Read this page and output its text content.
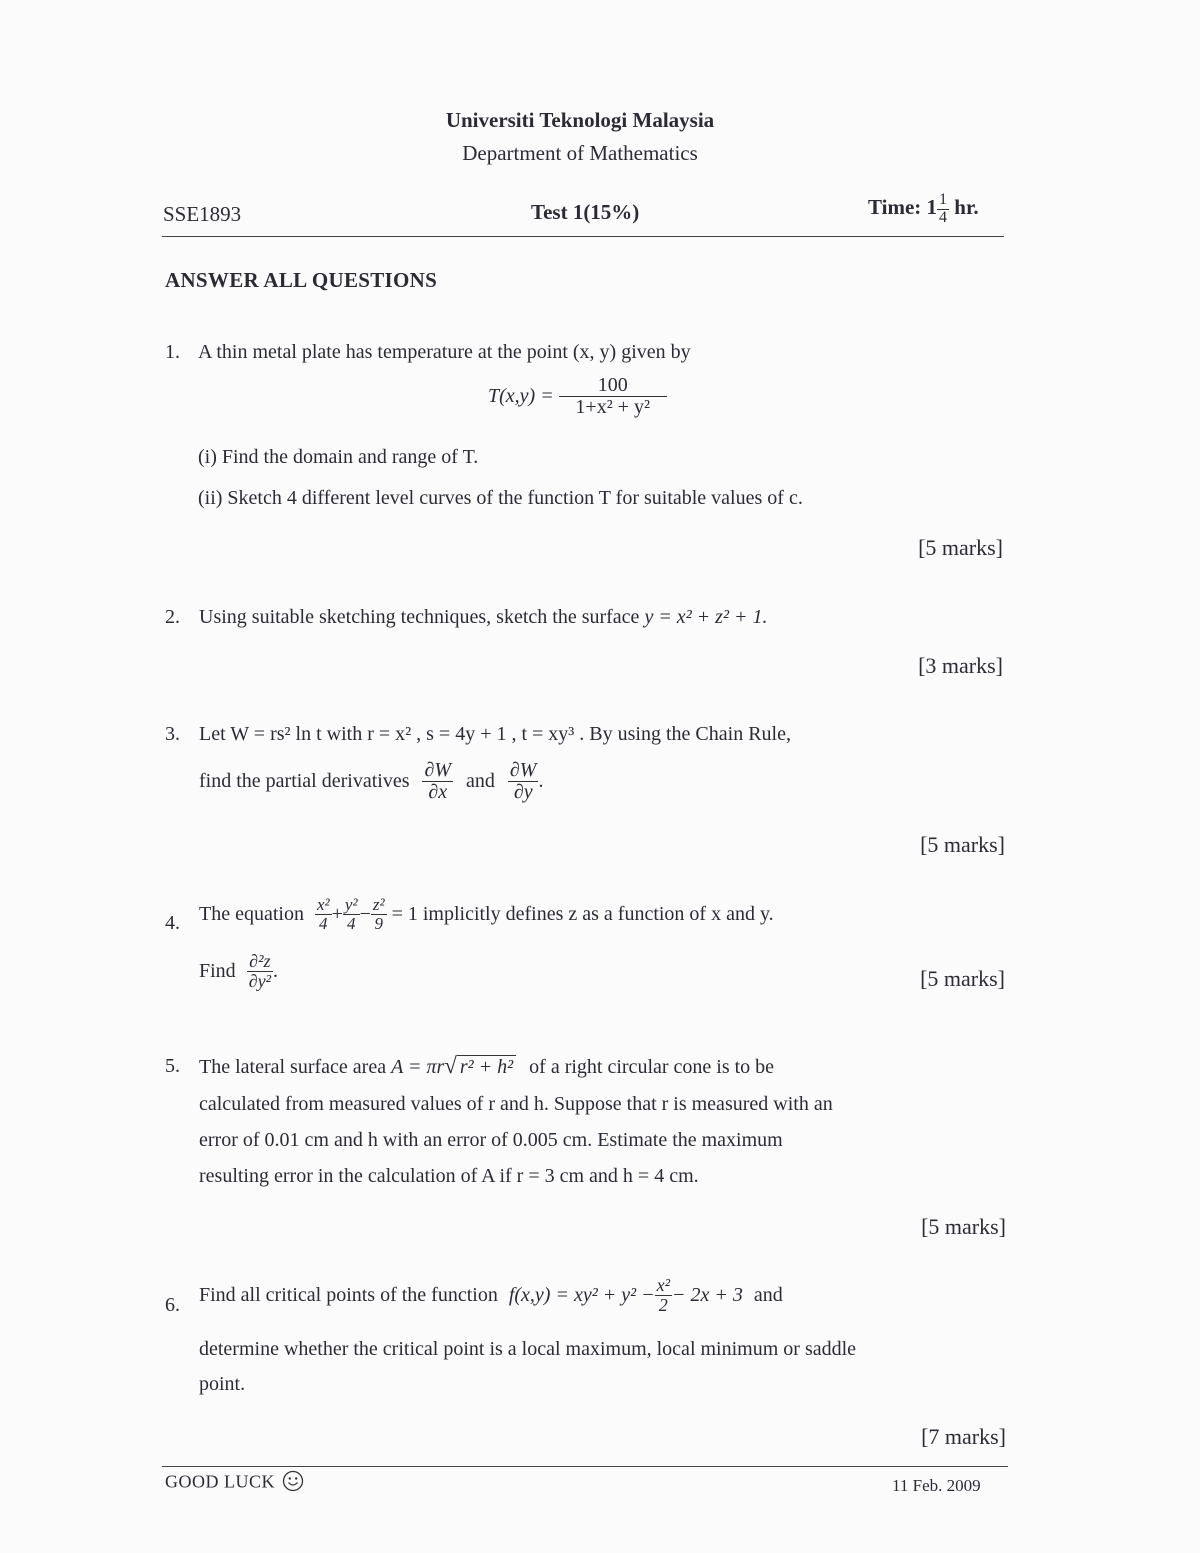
Universiti Teknologi Malaysia
Department of Mathematics
SSE1893	Test 1(15%)	Time: $1 \frac{1}{4}$ hr.
ANSWER ALL QUESTIONS
1. A thin metal plate has temperature at the point (x, y) given by
$T(x,y) = \frac{100}{\text{1+x² + y²}}$
(i) Find the domain and range of T.
(ii) Sketch 4 different level curves of the function T for suitable values of c.
[5 marks]
2. Using suitable sketching techniques, sketch the surface y = x² + z² + 1.
[3 marks]
3. Let W = rs² ln t with r = x² , s = 4y + 1 , t = xy³ . By using the Chain Rule,
find the partial derivatives $\frac{\partial W}{\partial x}$ and $\frac{\partial W}{\partial y}$ .
[5 marks]
4. The equation $\frac{\text{x²}}{4} + \frac{\text{y²}}{4} - \frac{\text{z²}}{9} = 1$ implicitly defines z as a function of x and y.
Find $\frac{\text{∂²z}}{\text{∂y²}}$ .	[5 marks]
5. The lateral surface area A = πr√ r² + h² of a right circular cone is to be
calculated from measured values of r and h. Suppose that r is measured with an
error of 0.01 cm and h with an error of 0.005 cm. Estimate the maximum
resulting error in the calculation of A if r = 3 cm and h = 4 cm.
[5 marks]
6. Find all critical points of the function $f(x,y) = xy^2 + y^2 - \frac{\text{x²}}{2} - 2x + 3$ and
determine whether the critical point is a local maximum, local minimum or saddle
point.
[7 marks]
GOOD LUCK	11 Feb. 2009
